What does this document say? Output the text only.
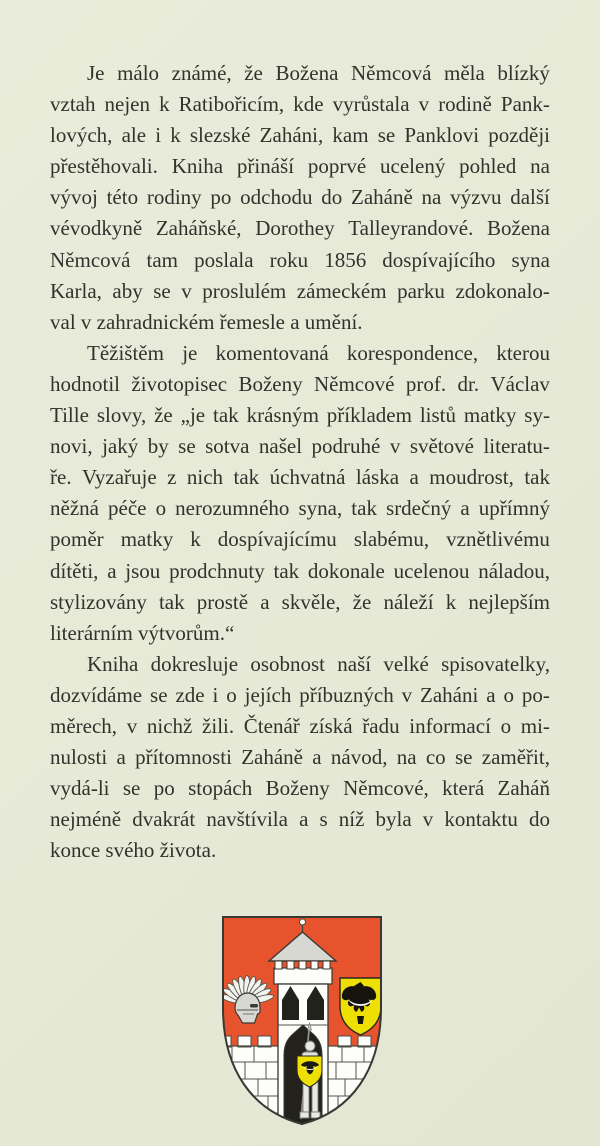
Je málo známé, že Božena Němcová měla blízký
vztah nejen k Ratibořicím, kde vyrůstala v rodině Pank-
lových, ale i k slezské Zaháni, kam se Panklovi později
přestěhovali. Kniha přináší poprvé ucelený pohled na
vývoj této rodiny po odchodu do Zaháně na výzvu další
vévodkyně Zaháňské, Dorothey Talleyrandové. Božena
Němcová tam poslala roku 1856 dospívajícího syna
Karla, aby se v proslulém zámeckém parku zdokonalo-
val v zahradnickém řemesle a umění.
Těžištěm je komentovaná korespondence, kterou
hodnotil životopisec Boženy Němcové prof. dr. Václav
Tille slovy, že „je tak krásným příkladem listů matky sy-
novi, jaký by se sotva našel podruhé v světové literatu-
ře. Vyzařuje z nich tak úchvatná láska a moudrost, tak
něžná péče o nerozumného syna, tak srdečný a upřímný
poměr matky k dospívajícímu slabému, vznětlivému
dítěti, a jsou prodchnuty tak dokonale ucelenou náladou,
stylizovány tak prostě a skvěle, že náleží k nejlepším
literárním výtvorům.“
Kniha dokresluje osobnost naší velké spisovatelky,
dozvídáme se zde i o jejích příbuzných v Zaháni a o po-
měrech, v nichž žili. Čtenář získá řadu informací o mi-
nulosti a přítomnosti Zaháně a návod, na co se zaměřit,
vydá-li se po stopách Boženy Němcové, která Zaháň
nejméně dvakrát navštívila a s níž byla v kontaktu do
konce svého života.
